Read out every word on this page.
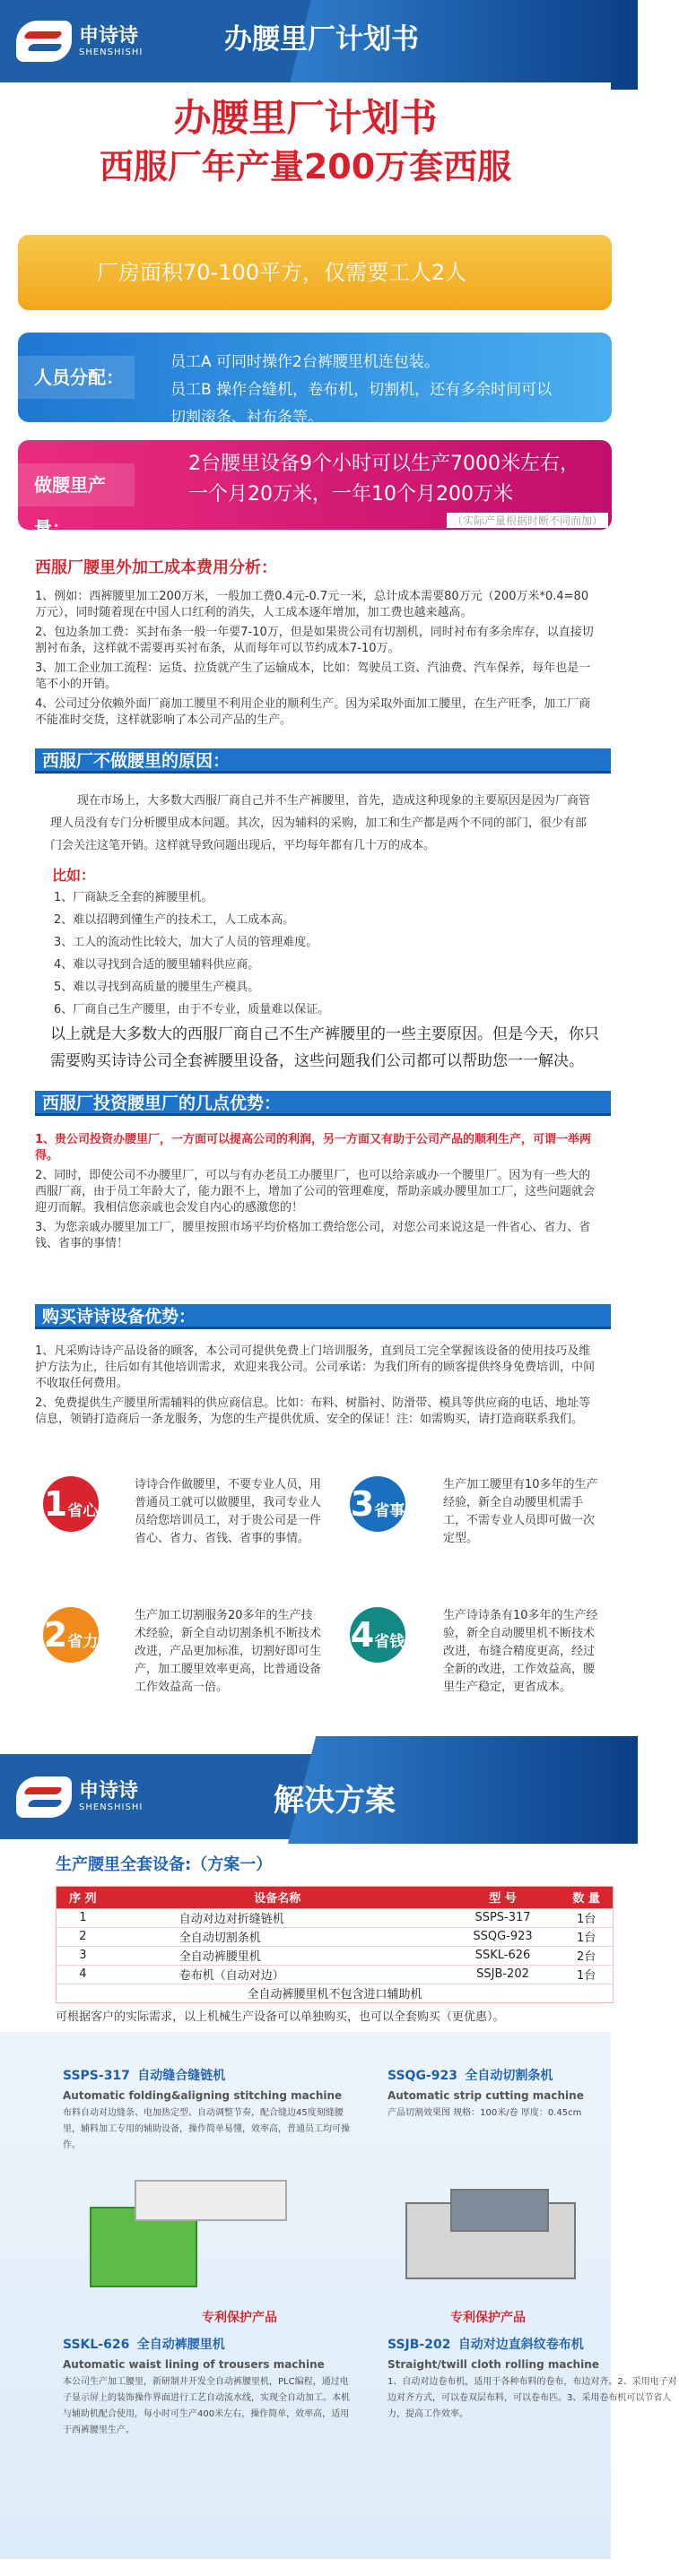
申诗诗
SHENSHISHI	办腰里厂计划书
办腰里厂计划书
西服厂年产量200万套西服
厂房面积70-100平方，仅需要工人2人
人员分配：
员工A 可同时操作2台裤腰里机连包装。
员工B 操作合缝机，卷布机，切割机，还有多余时间可以
切割滚条、衬布条等。
做腰里产量：
2台腰里设备9个小时可以生产7000米左右，
一个月20万米，一年10个月200万米
（实际产量根据时断不同而加）
西服厂腰里外加工成本费用分析：

1、例如：西裤腰里加工200万米，一般加工费0.4元-0.7元一米，总计成本需要80万元（200万米*0.4=80万元），同时随着现在中国人口红利的消失，人工成本逐年增加，加工费也越来越高。

2、包边条加工费：买封布条一般一年要7-10万，但是如果贵公司有切割机，同时衬布有多余库存，以直接切割衬布条，这样就不需要再买衬布条，从而每年可以节约成本7-10万。

3、加工企业加工流程：运货、拉货就产生了运输成本，比如：驾驶员工资、汽油费、汽车保养，每年也是一笔不小的开销。

4、公司过分依赖外面厂商加工腰里不利用企业的顺利生产。因为采取外面加工腰里，在生产旺季，加工厂商不能准时交货，这样就影响了本公司产品的生产。

西服厂不做腰里的原因：
现在市场上，大多数大西服厂商自己并不生产裤腰里，首先，造成这种现象的主要原因是因为厂商管理人员没有专门分析腰里成本问题。其次，因为辅料的采购，加工和生产都是两个不同的部门，很少有部门会关注这笔开销。这样就导致问题出现后，平均每年都有几十万的成本。
比如：
1、厂商缺乏全套的裤腰里机。
2、难以招聘到懂生产的技术工，人工成本高。
3、工人的流动性比较大，加大了人员的管理难度。
4、难以寻找到合适的腰里辅料供应商。
5、难以寻找到高质量的腰里生产模具。
6、厂商自己生产腰里，由于不专业，质量难以保证。
以上就是大多数大的西服厂商自己不生产裤腰里的一些主要原因。但是今天，你只需要购买诗诗公司全套裤腰里设备，这些问题我们公司都可以帮助您一一解决。
西服厂投资腰里厂的几点优势：

1、贵公司投资办腰里厂，一方面可以提高公司的利润，另一方面又有助于公司产品的顺利生产，可谓一举两得。

2、同时，即使公司不办腰里厂，可以与有办老员工办腰里厂，也可以给亲戚办一个腰里厂。因为有一些大的西服厂商，由于员工年龄大了，能力跟不上，增加了公司的管理难度，帮助亲戚办腰里加工厂，这些问题就会迎刃而解。我相信您亲戚也会发自内心的感激您的！

3、为您亲戚办腰里加工厂，腰里按照市场平均价格加工费给您公司，对您公司来说这是一件省心、省力、省钱、省事的事情！

购买诗诗设备优势：

1、凡采购诗诗产品设备的顾客，本公司可提供免费上门培训服务，直到员工完全掌握该设备的使用技巧及维护方法为止，往后如有其他培训需求，欢迎来我公司。公司承诺：为我们所有的顾客提供终身免费培训，中间不收取任何费用。

2、免费提供生产腰里所需辅料的供应商信息。比如：布料、树脂衬、防滑带、模具等供应商的电话、地址等信息，领销打造商后一条龙服务，为您的生产提供优质、安全的保证！注：如需购买，请打造商联系我们。

1省心
诗诗合作做腰里，不要专业人员，用普通员工就可以做腰里，我司专业人员给您培训员工，对于贵公司是一件省心、省力、省钱、省事的事情。
3省事
生产加工腰里有10多年的生产经验，新全自动腰里机需手工，不需专业人员即可做一次定型。
2省力
生产加工切割服务20多年的生产技术经验，新全自动切割条机不断技术改进，产品更加标准，切割好即可生产，加工腰里效率更高，比普通设备工作效益高一倍。
4省钱
生产诗诗条有10多年的生产经验，新全自动腰里机不断技术改进，布缝合精度更高，经过全新的改进，工作效益高，腰里生产稳定，更省成本。
申诗诗
SHENSHISHI	解决方案
生产腰里全套设备:（方案一）
序 列	设备名称	型 号	数 量
1	自动对边对折缝链机	SSPS-317	1台
2	全自动切割条机	SSQG-923	1台
3	全自动裤腰里机	SSKL-626	2台
4	卷布机（自动对边）	SSJB-202	1台
全自动裤腰里机不包含进口辅助机			
可根据客户的实际需求，以上机械生产设备可以单独购买，也可以全套购买（更优惠）。
SSPS-317 自动缝合缝链机
Automatic folding&aligning stitching machine
布料自动对边缝条、电加热定型、自动调整节奏，配合缝边45度刻缝腰里，辅料加工专用的辅助设备，操作简单易懂，效率高，普通员工均可操作。
专利保护产品
SSQG-923 全自动切割条机
Automatic strip cutting machine
产品切割效果图 规格：100米/卷 厚度：0.45cm
专利保护产品
SSKL-626 全自动裤腰里机
Automatic waist lining of trousers machine
本公司生产加工腰里，新研制并开发全自动裤腰里机，PLC编程，通过电子显示屏上的装饰操作界面进行工艺自动流水线，实现全自动加工。本机与辅助机配合使用，每小时可生产400米左右，操作简单，效率高，适用于西裤腰里生产。
SSJB-202 自动对边直斜纹卷布机
Straight/twill cloth rolling machine
1、自动对边卷布机，适用于各种布料的卷布，布边对齐。2、采用电子对边对齐方式，可以卷双层布料，可以卷布匹。3、采用卷布机可以节省人力，提高工作效率。
